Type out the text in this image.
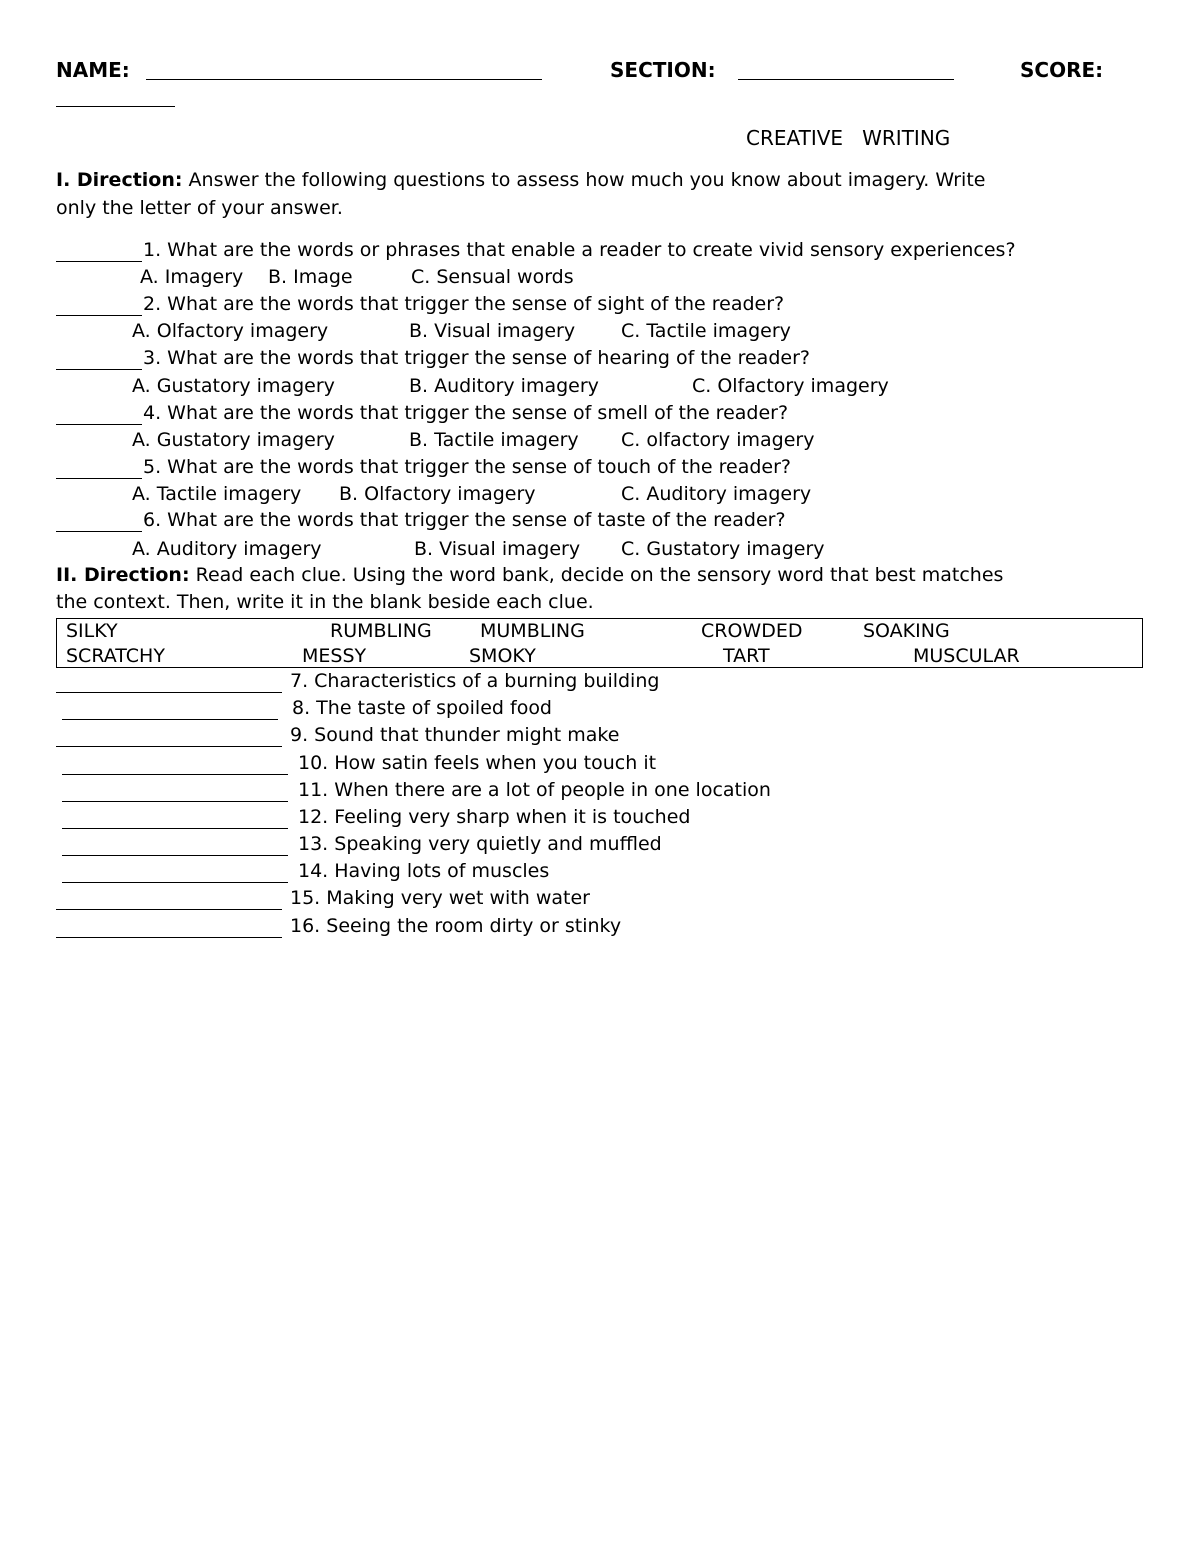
NAME:	SECTION:	SCORE:
CREATIVE   WRITING
I. Direction: Answer the following questions to assess how much you know about imagery. Write
only the letter of your answer.
1. What are the words or phrases that enable a reader to create vivid sensory experiences?
A. Imagery B. Image	C. Sensual words
2. What are the words that trigger the sense of sight of the reader?
A. Olfactory imagery	B. Visual imagery C. Tactile imagery
3. What are the words that trigger the sense of hearing of the reader?
A. Gustatory imagery	B. Auditory imagery	C. Olfactory imagery
4. What are the words that trigger the sense of smell of the reader?
A. Gustatory imagery	B. Tactile imagery C. olfactory imagery
5. What are the words that trigger the sense of touch of the reader?
A. Tactile imagery B. Olfactory imagery	C. Auditory imagery
6. What are the words that trigger the sense of taste of the reader?
A. Auditory imagery	B. Visual imagery C. Gustatory imagery
II. Direction: Read each clue. Using the word bank, decide on the sensory word that best matches
the context. Then, write it in the blank beside each clue.
SILKY	RUMBLING	MUMBLING	CROWDED	SOAKING
SCRATCHY	MESSY	SMOKY	TART	MUSCULAR
7. Characteristics of a burning building
8. The taste of spoiled food
9. Sound that thunder might make
10. How satin feels when you touch it
11. When there are a lot of people in one location
12. Feeling very sharp when it is touched
13. Speaking very quietly and muffled
14. Having lots of muscles
15. Making very wet with water
16. Seeing the room dirty or stinky
